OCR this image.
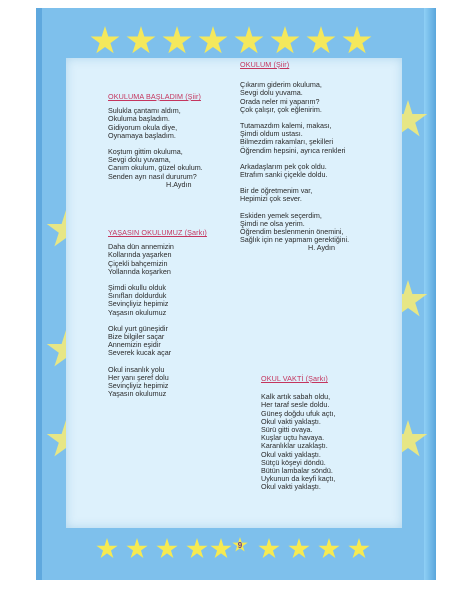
9
OKULUMA BAŞLADIM (Şiir)
Sulukla çantamı aldım,
Okuluma başladım.
Gidiyorum okula diye,
Oynamaya başladım.
Koştum gittim okuluma,
Sevgi dolu yuvama,
Canım okulum, güzel okulum.
Senden ayrı nasıl dururum?
H.Aydın
YAŞASIN OKULUMUZ (Şarkı)
Daha dün annemizin
Kollarında yaşarken
Çiçekli bahçemizin
Yollarında koşarken
Şimdi okullu olduk
Sınıfları doldurduk
Sevinçliyiz hepimiz
Yaşasın okulumuz
Okul yurt güneşidir
Bize bilgiler saçar
Annemizin eşidir
Severek kucak açar
Okul insanlık yolu
Her yanı şeref dolu
Sevinçliyiz hepimiz
Yaşasın okulumuz
OKULUM (Şiir)
Çıkarım giderim okuluma,
Sevgi dolu yuvama.
Orada neler mi yaparım?
Çok çalışır, çok eğlenirim.
Tutamazdım kalemi, makası,
Şimdi oldum ustası.
Bilmezdim rakamları, şekilleri
Öğrendim hepsini, ayrıca renkleri
Arkadaşlarım pek çok oldu.
Etrafım sanki çiçekle doldu.
Bir de öğretmenim var,
Hepimizi çok sever.
Eskiden yemek seçerdim,
Şimdi ne olsa yerim.
Öğrendim beslenmenin önemini,
Sağlık için ne yapmam gerektiğini.
H. Aydın
OKUL VAKTİ (Şarkı)
Kalk artık sabah oldu,
Her taraf sesle doldu.
Güneş doğdu ufuk açtı,
Okul vakti yaklaştı.
Sürü gitti ovaya.
Kuşlar uçtu havaya.
Karanlıklar uzaklaştı.
Okul vakti yaklaştı.
Sütçü köşeyi döndü.
Bütün lambalar söndü.
Uykunun da keyfi kaçtı,
Okul vakti yaklaştı.
